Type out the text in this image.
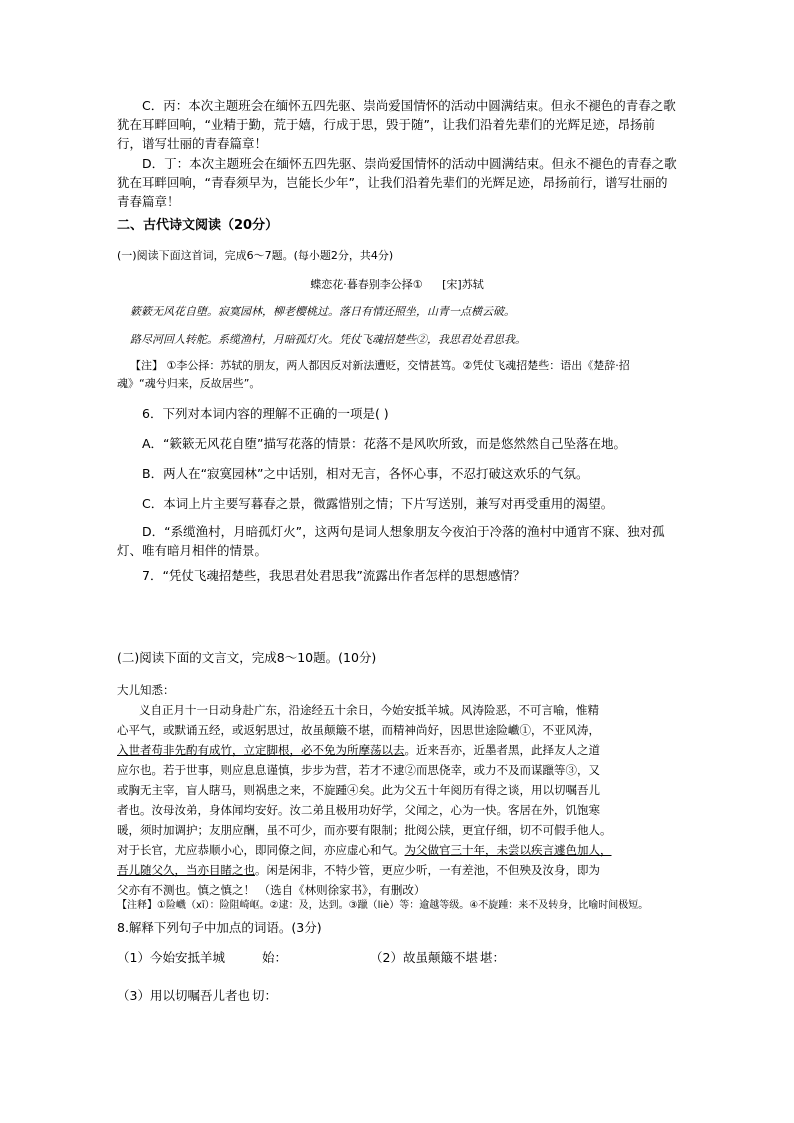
C．丙：本次主题班会在缅怀五四先驱、崇尚爱国情怀的活动中圆满结束。但永不褪色的青春之歌犹在耳畔回响，“业精于勤，荒于嬉，行成于思，毁于随”，让我们沿着先辈们的光辉足迹，昂扬前行，谱写壮丽的青春篇章！

D．丁：本次主题班会在缅怀五四先驱、崇尚爱国情怀的活动中圆满结束。但永不褪色的青春之歌犹在耳畔回响，“青春须早为，岂能长少年”，让我们沿着先辈们的光辉足迹，昂扬前行，谱写壮丽的青春篇章！

二、古代诗文阅读（20分）

(一)阅读下面这首词，完成6～7题。(每小题2分，共4分)

蝶恋花·暮春别李公择① [宋]苏轼

簌簌无风花自堕。寂寞园林，柳老樱桃过。落日有情还照坐，山青一点横云破。

路尽河回人转舵。系缆渔村，月暗孤灯火。凭仗飞魂招楚些②，我思君处君思我。

【注】 ①李公择：苏轼的朋友，两人都因反对新法遭贬，交情甚笃。②凭仗飞魂招楚些：语出《楚辞·招

魂》“魂兮归来，反故居些”。

6．下列对本词内容的理解不正确的一项是( )

A．“簌簌无风花自堕”描写花落的情景：花落不是风吹所致，而是悠然然自己坠落在地。

B．两人在“寂寞园林”之中话别，相对无言，各怀心事，不忍打破这欢乐的气氛。

C．本词上片主要写暮春之景，微露惜别之情；下片写送别，兼写对再受重用的渴望。

D．“系缆渔村，月暗孤灯火”，这两句是词人想象朋友今夜泊于冷落的渔村中通宵不寐、独对孤灯、唯有暗月相伴的情景。

7．“凭仗飞魂招楚些，我思君处君思我”流露出作者怎样的思想感情？

(二)阅读下面的文言文，完成8～10题。(10分)

大儿知悉：
义自正月十一日动身赴广东，沿途经五十余日，今始安抵羊城。风涛险恶，不可言喻，惟精
心平气，或默诵五经，或返躬思过，故虽颠簸不堪，而精神尚好，因思世途险巇①，不亚风涛，
入世者苟非先酌有成竹，立定脚根，必不免为所摩荡以去。近来吾亦，近墨者黑，此择友人之道
应尔也。若于世事，则应息息谨慎，步步为营，若才不逮②而思侥幸，或力不及而谋躐等③，又
或胸无主宰，盲人瞎马，则祸患之来，不旋踵④矣。此为父五十年阅历有得之谈，用以切嘱吾儿
者也。汝母汝弟，身体闻均安好。汝二弟且极用功好学，父闻之，心为一快。客居在外，饥饱寒
暖，须时加调护；友朋应酬，虽不可少，而亦要有限制；批阅公牍，更宜仔细，切不可假手他人。
对于长官，尤应恭顺小心，即同僚之间，亦应虚心和气。为父做官三十年，未尝以疾言遽色加人，
吾儿随父久，当亦目睹之也。闲是闲非，不特少管，更应少听，一有差池，不但殃及汝身，即为
父亦有不测也。慎之慎之！ （选自《林则徐家书》，有删改）

【注释】①险巇（xī）：险阻崎岖。②逮：及，达到。③躐（liè）等：逾越等级。④不旋踵：来不及转身，比喻时间极短。

8.解释下列句子中加点的词语。(3分)

（1）今始安抵羊城	始：	（2）故虽颠簸不堪 堪：
（3）用以切嘱吾儿者也 切：
